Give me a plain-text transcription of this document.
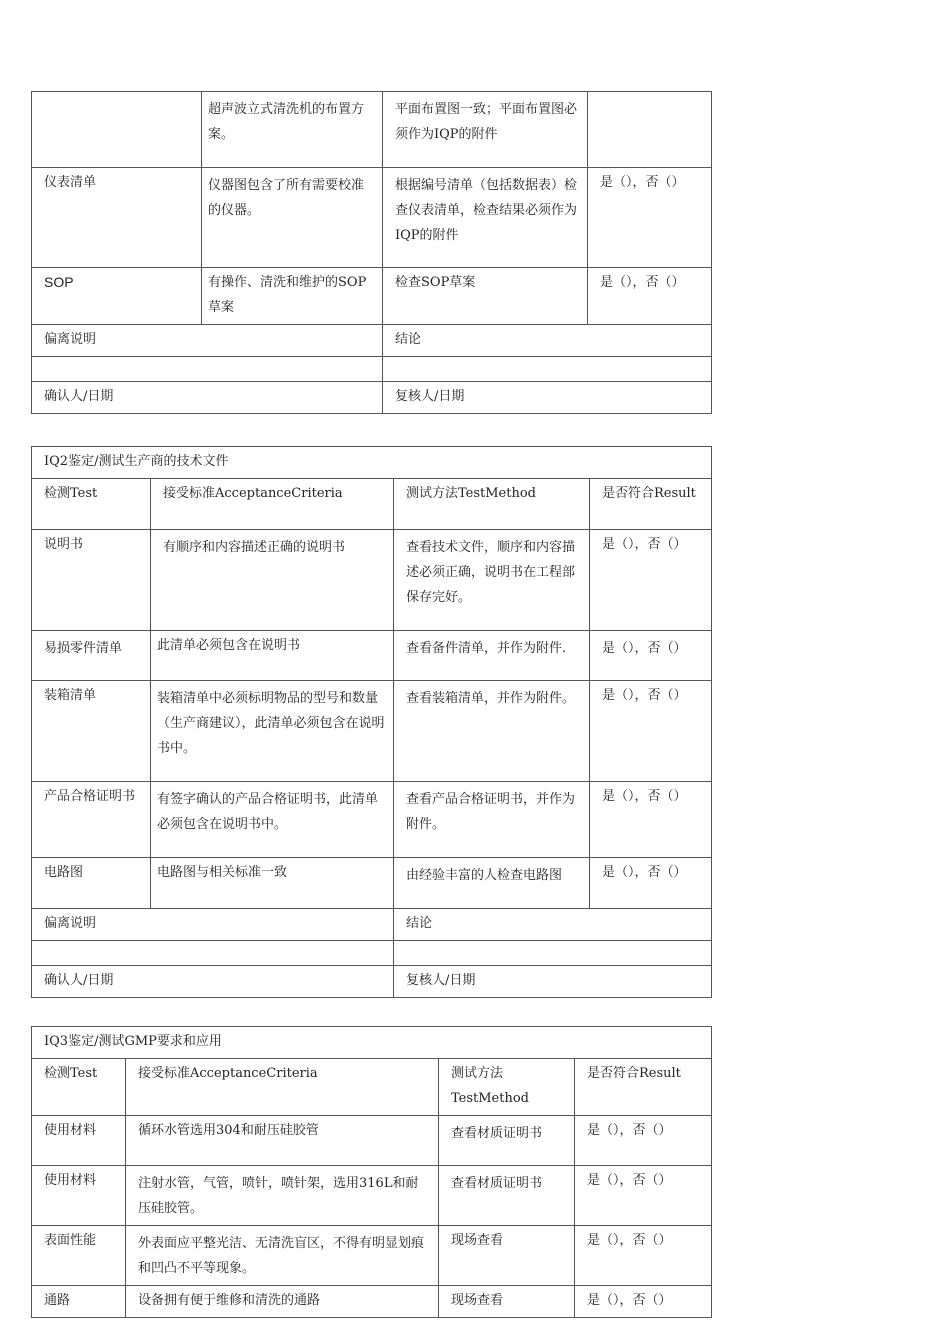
	超声波立式清洗机的布置方案。	平面布置图一致；平面布置图必须作为IQP的附件	
仪表清单	仪器图包含了所有需要校准的仪器。	根据编号清单（包括数据表）检查仪表清单，检查结果必须作为IQP的附件	是（），否（）
SOP	有操作、清洗和维护的SOP草案	检查SOP草案	是（），否（）
偏离说明		结论	

确认人/日期		复核人/日期	
IQ2鉴定/测试生产商的技术文件			
检测Test	接受标准AcceptanceCriteria	测试方法TestMethod	是否符合Result
说明书	有顺序和内容描述正确的说明书	查看技术文件，顺序和内容描述必须正确，说明书在工程部保存完好。	是（），否（）
易损零件清单	此清单必须包含在说明书	查看备件清单，并作为附件.	是（），否（）
装箱清单	装箱清单中必须标明物品的型号和数量（生产商建议），此清单必须包含在说明书中。	查看装箱清单，并作为附件。	是（），否（）
产品合格证明书	有签字确认的产品合格证明书，此清单必须包含在说明书中。	查看产品合格证明书，并作为附件。	是（），否（）
电路图	电路图与相关标准一致	由经验丰富的人检查电路图	是（），否（）
偏离说明		结论	

确认人/日期		复核人/日期	
IQ3鉴定/测试GMP要求和应用			
检测Test	接受标准AcceptanceCriteria	测试方法TestMethod	是否符合Result
使用材料	循环水管选用304和耐压硅胶管	查看材质证明书	是（），否（）
使用材料	注射水管，气管，喷针，喷针架，选用316L和耐压硅胶管。	查看材质证明书	是（），否（）
表面性能	外表面应平整光洁、无清洗盲区，不得有明显划痕和凹凸不平等现象。	现场查看	是（），否（）
通路	设备拥有便于维修和清洗的通路	现场查看	是（），否（）
